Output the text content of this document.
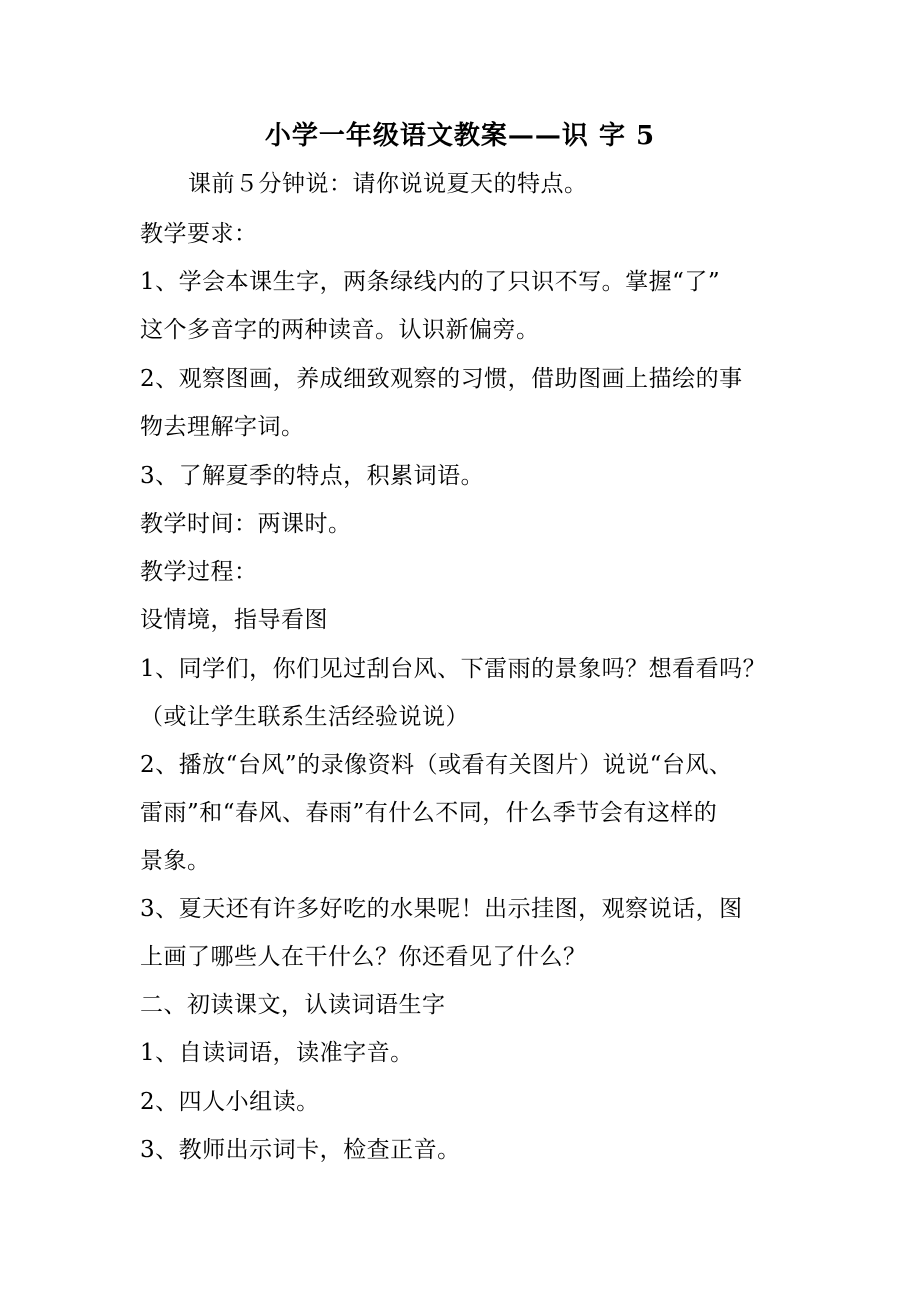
小学一年级语文教案——识 字 5
课前５分钟说：请你说说夏天的特点。
教学要求：
1、学会本课生字，两条绿线内的了只识不写。掌握“了”
这个多音字的两种读音。认识新偏旁。
2、观察图画，养成细致观察的习惯，借助图画上描绘的事
物去理解字词。
3、了解夏季的特点，积累词语。
教学时间：两课时。
教学过程：
设情境，指导看图
1、同学们，你们见过刮台风、下雷雨的景象吗？想看看吗？
（或让学生联系生活经验说说）
2、播放“台风”的录像资料（或看有关图片）说说“台风、
雷雨”和“春风、春雨”有什么不同，什么季节会有这样的
景象。
3、夏天还有许多好吃的水果呢！出示挂图，观察说话，图
上画了哪些人在干什么？你还看见了什么？
二、初读课文，认读词语生字
1、自读词语，读准字音。
2、四人小组读。
3、教师出示词卡，检查正音。
